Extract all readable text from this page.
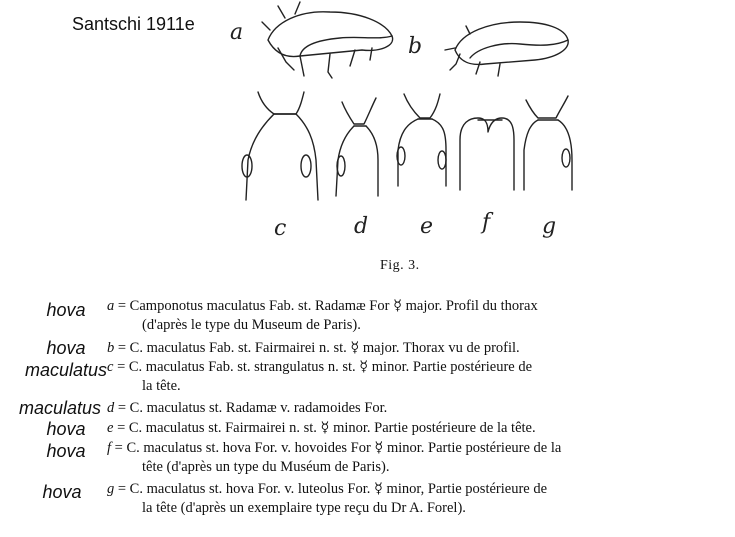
Santschi 1911e a
b
c	d e f g
Fig. 3.
hova	a = Camponotus maculatus Fab. st. Radamæ For ☿ major. Profil du thorax
(d'après le type du Museum de Paris).
hova	b = C. maculatus Fab. st. Fairmairei n. st. ☿ major. Thorax vu de profil.
maculatus c = C. maculatus Fab. st. strangulatus n. st. ☿ minor. Partie postérieure de
la tête.
maculatus d = C. maculatus st. Radamæ v. radamoides For.
hova	e = C. maculatus st. Fairmairei n. st. ☿ minor. Partie postérieure de la tête.
hova	f = C. maculatus st. hova For. v. hovoides For ☿ minor. Partie postérieure de la
tête (d'après un type du Muséum de Paris).
hova	g = C. maculatus st. hova For. v. luteolus For. ☿ minor, Partie postérieure de
la tête (d'après un exemplaire type reçu du Dr A. Forel).
